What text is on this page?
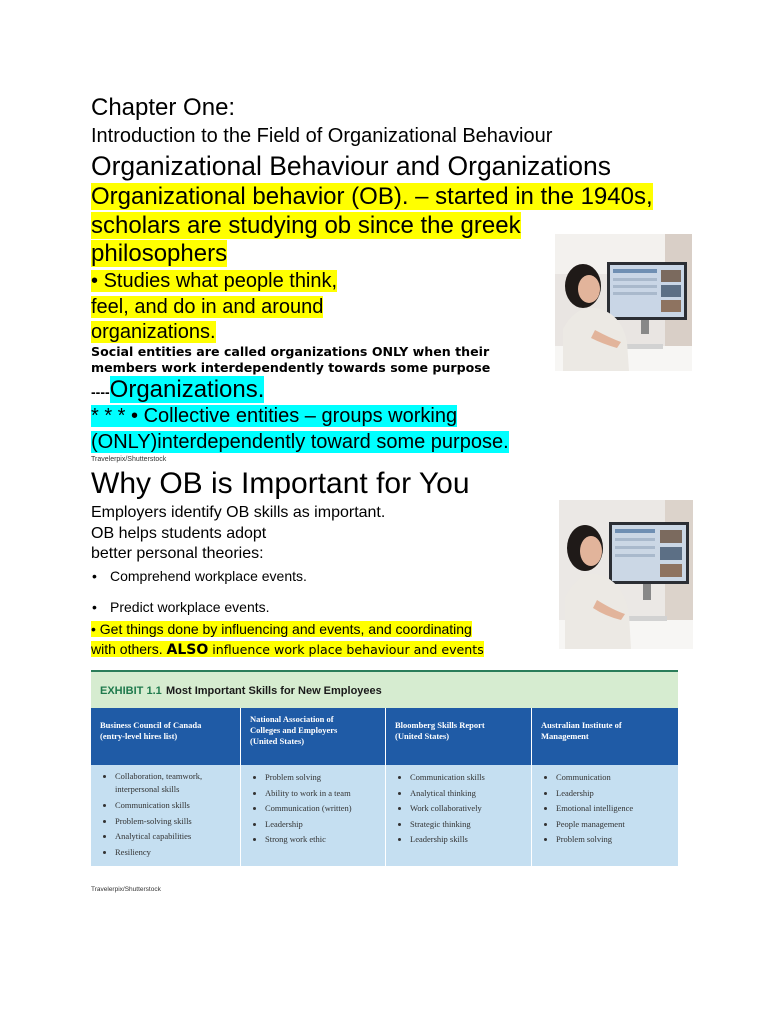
Chapter One:
Introduction to the Field of Organizational Behaviour
Organizational Behaviour and Organizations
Organizational behavior (OB). – started in the 1940s,
scholars are studying ob since the greek
philosophers
• Studies what people think,
feel, and do in and around
organizations.
Social entities are called organizations ONLY when their
members work interdependently towards some purpose
----Organizations.
* * * • Collective entities – groups working
(ONLY)interdependently toward some purpose.
Travelerpix/Shutterstock
Why OB is Important for You
Employers identify OB skills as important.
OB helps students adopt
better personal theories:
• Comprehend workplace events.
• Predict workplace events.
• Get things done by influencing and events, and coordinating
with others. ALSO influence work place behaviour and events
EXHIBIT 1.1 Most Important Skills for New Employees
Business Council of Canada
(entry-level hires list)
National Association of
Colleges and Employers
(United States)
Bloomberg Skills Report
(United States)
Australian Institute of
Management
• Collaboration, teamwork,
interpersonal skills
• Communication skills
• Problem-solving skills
• Analytical capabilities
• Resiliency
• Problem solving
• Ability to work in a team
• Communication (written)
• Leadership
• Strong work ethic
• Communication skills
• Analytical thinking
• Work collaboratively
• Strategic thinking
• Leadership skills
• Communication
• Leadership
• Emotional intelligence
• People management
• Problem solving
Travelerpix/Shutterstock
